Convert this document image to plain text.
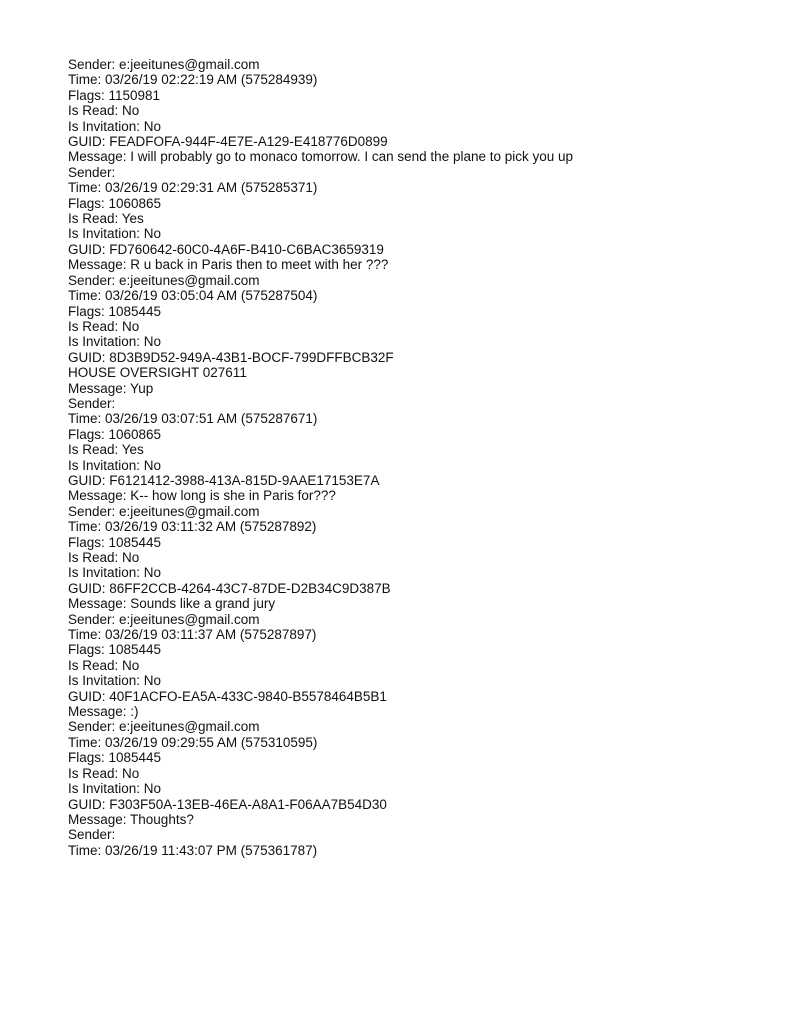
Sender: e:jeeitunes@gmail.com
Time: 03/26/19 02:22:19 AM (575284939)
Flags: 1150981
Is Read: No
Is Invitation: No
GUID: FEADFOFA-944F-4E7E-A129-E418776D0899
Message: I will probably go to monaco tomorrow. I can send the plane to pick you up
Sender:
Time: 03/26/19 02:29:31 AM (575285371)
Flags: 1060865
Is Read: Yes
Is Invitation: No
GUID: FD760642-60C0-4A6F-B410-C6BAC3659319
Message: R u back in Paris then to meet with her ???
Sender: e:jeeitunes@gmail.com
Time: 03/26/19 03:05:04 AM (575287504)
Flags: 1085445
Is Read: No
Is Invitation: No
GUID: 8D3B9D52-949A-43B1-BOCF-799DFFBCB32F
HOUSE OVERSIGHT 027611
Message: Yup
Sender:
Time: 03/26/19 03:07:51 AM (575287671)
Flags: 1060865
Is Read: Yes
Is Invitation: No
GUID: F6121412-3988-413A-815D-9AAE17153E7A
Message: K-- how long is she in Paris for???
Sender: e:jeeitunes@gmail.com
Time: 03/26/19 03:11:32 AM (575287892)
Flags: 1085445
Is Read: No
Is Invitation: No
GUID: 86FF2CCB-4264-43C7-87DE-D2B34C9D387B
Message: Sounds like a grand jury
Sender: e:jeeitunes@gmail.com
Time: 03/26/19 03:11:37 AM (575287897)
Flags: 1085445
Is Read: No
Is Invitation: No
GUID: 40F1ACFO-EA5A-433C-9840-B5578464B5B1
Message: :)
Sender: e:jeeitunes@gmail.com
Time: 03/26/19 09:29:55 AM (575310595)
Flags: 1085445
Is Read: No
Is Invitation: No
GUID: F303F50A-13EB-46EA-A8A1-F06AA7B54D30
Message: Thoughts?
Sender:
Time: 03/26/19 11:43:07 PM (575361787)
